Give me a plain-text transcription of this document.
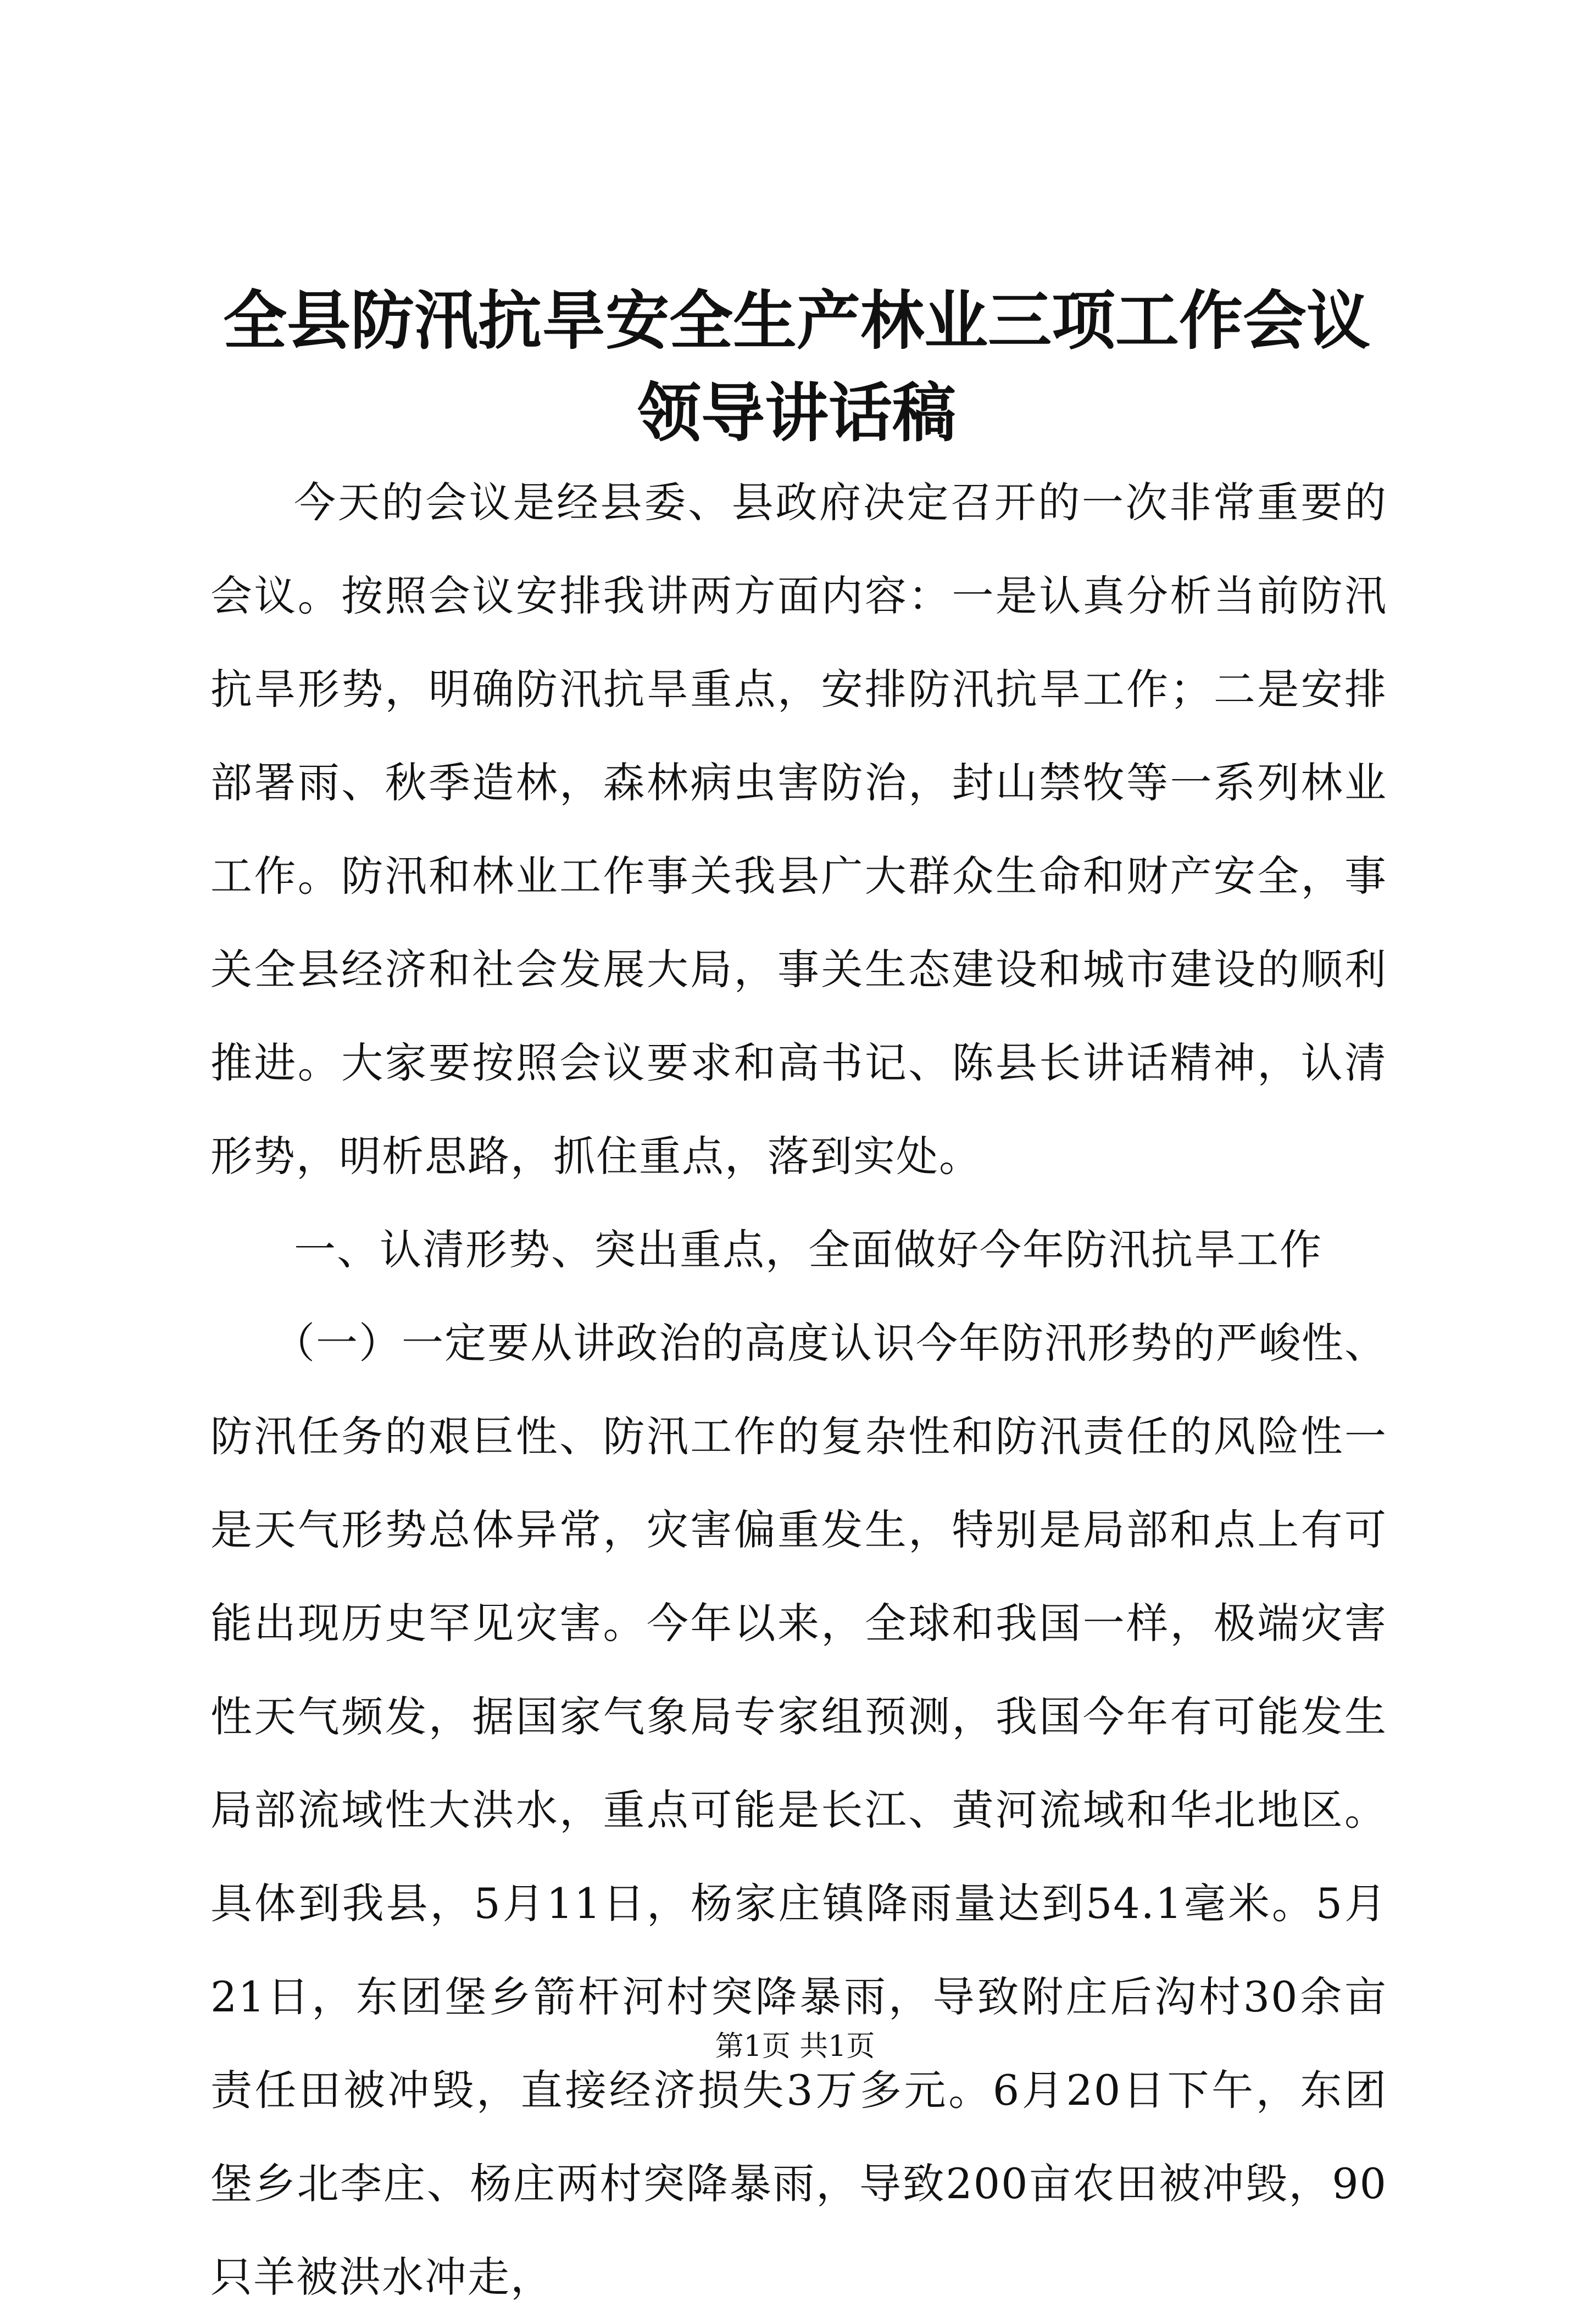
全县防汛抗旱安全生产林业三项工作会议领导讲话稿

今天的会议是经县委、县政府决定召开的一次非常重要的会议。按照会议安排我讲两方面内容：一是认真分析当前防汛抗旱形势，明确防汛抗旱重点，安排防汛抗旱工作；二是安排部署雨、秋季造林，森林病虫害防治，封山禁牧等一系列林业工作。防汛和林业工作事关我县广大群众生命和财产安全，事关全县经济和社会发展大局，事关生态建设和城市建设的顺利推进。大家要按照会议要求和高书记、陈县长讲话精神，认清形势，明析思路，抓住重点，落到实处。

一、认清形势、突出重点，全面做好今年防汛抗旱工作

（一）一定要从讲政治的高度认识今年防汛形势的严峻性、防汛任务的艰巨性、防汛工作的复杂性和防汛责任的风险性一是天气形势总体异常，灾害偏重发生，特别是局部和点上有可能出现历史罕见灾害。今年以来，全球和我国一样，极端灾害性天气频发，据国家气象局专家组预测，我国今年有可能发生局部流域性大洪水，重点可能是长江、黄河流域和华北地区。具体到我县，5月11日，杨家庄镇降雨量达到54.1毫米。5月21日，东团堡乡箭杆河村突降暴雨，导致附庄后沟村30余亩责任田被冲毁，直接经济损失3万多元。6月20日下午，东团堡乡北李庄、杨庄两村突降暴雨，导致200亩农田被冲毁，90只羊被洪水冲走，

第1页 共1页
